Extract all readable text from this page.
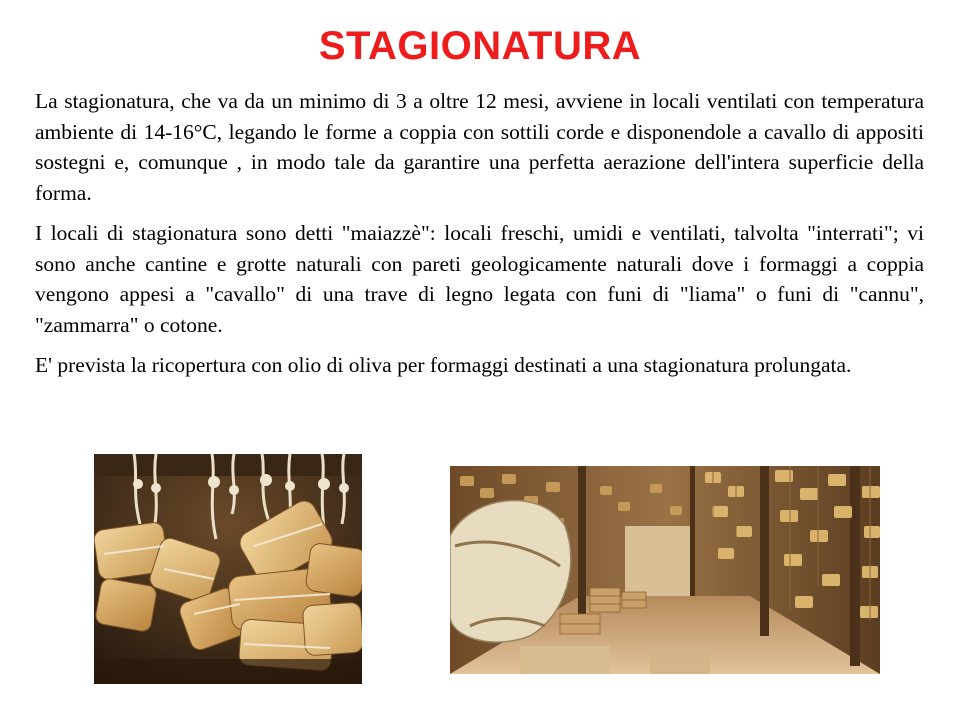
STAGIONATURA

La stagionatura, che va da un minimo di 3 a oltre 12 mesi, avviene in locali ventilati con temperatura ambiente di 14-16°C, legando le forme a coppia con sottili corde e disponendole a cavallo di appositi sostegni e, comunque , in modo tale da garantire una perfetta aerazione dell'intera superficie della forma.

I locali di stagionatura sono detti "maiazzè": locali freschi, umidi e ventilati, talvolta "interrati"; vi sono anche cantine e grotte naturali con pareti geologicamente naturali dove i formaggi a coppia vengono appesi a "cavallo" di una trave di legno legata con funi di "liama" o funi di "cannu", "zammarra" o cotone.

E' prevista la ricopertura con olio di oliva per formaggi destinati a una stagionatura prolungata.
